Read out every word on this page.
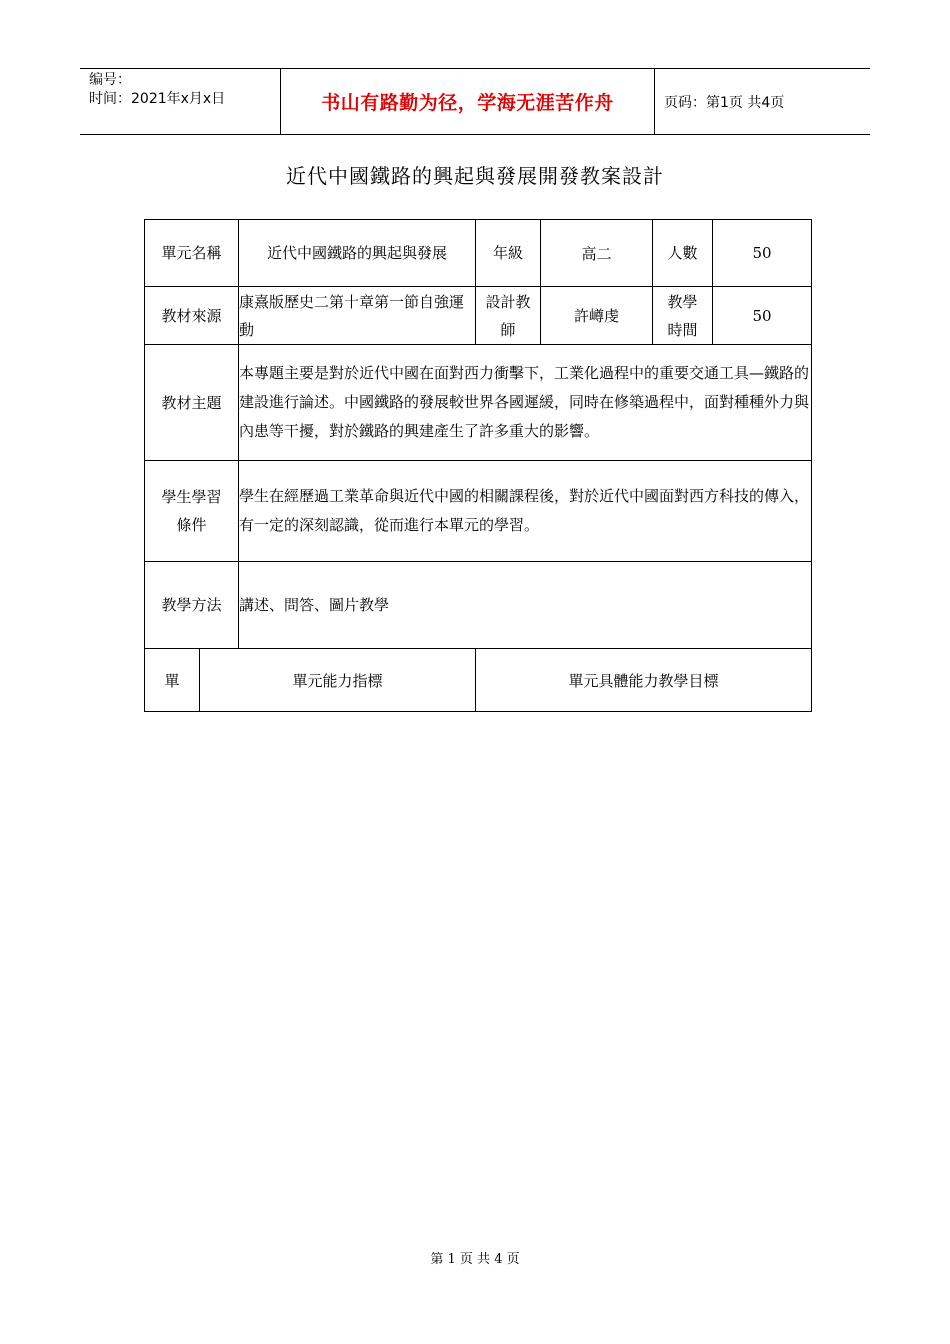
编号：
时间：2021年x月x日	书山有路勤为径，学海无涯苦作舟	页码：第1页 共4页
近代中國鐵路的興起與發展開發教案設計
單元名稱		近代中國鐵路的興起與發展	年級	高二	人數	50
教材來源		康熹版歷史二第十章第一節自強運動	設計教師	許嶟虔	教學時間	50
教材主題		本專題主要是對於近代中國在面對西力衝擊下，工業化過程中的重要交通工具—鐵路的建設進行論述。中國鐵路的發展較世界各國遲緩，同時在修築過程中，面對種種外力與內患等干擾，對於鐵路的興建產生了許多重大的影響。				
學生學習條件		學生在經歷過工業革命與近代中國的相關課程後，對於近代中國面對西方科技的傳入，有一定的深刻認識，從而進行本單元的學習。				
教學方法		講述、問答、圖片教學				
單	單元能力指標		單元具體能力教學目標			
第 1 页 共 4 页
